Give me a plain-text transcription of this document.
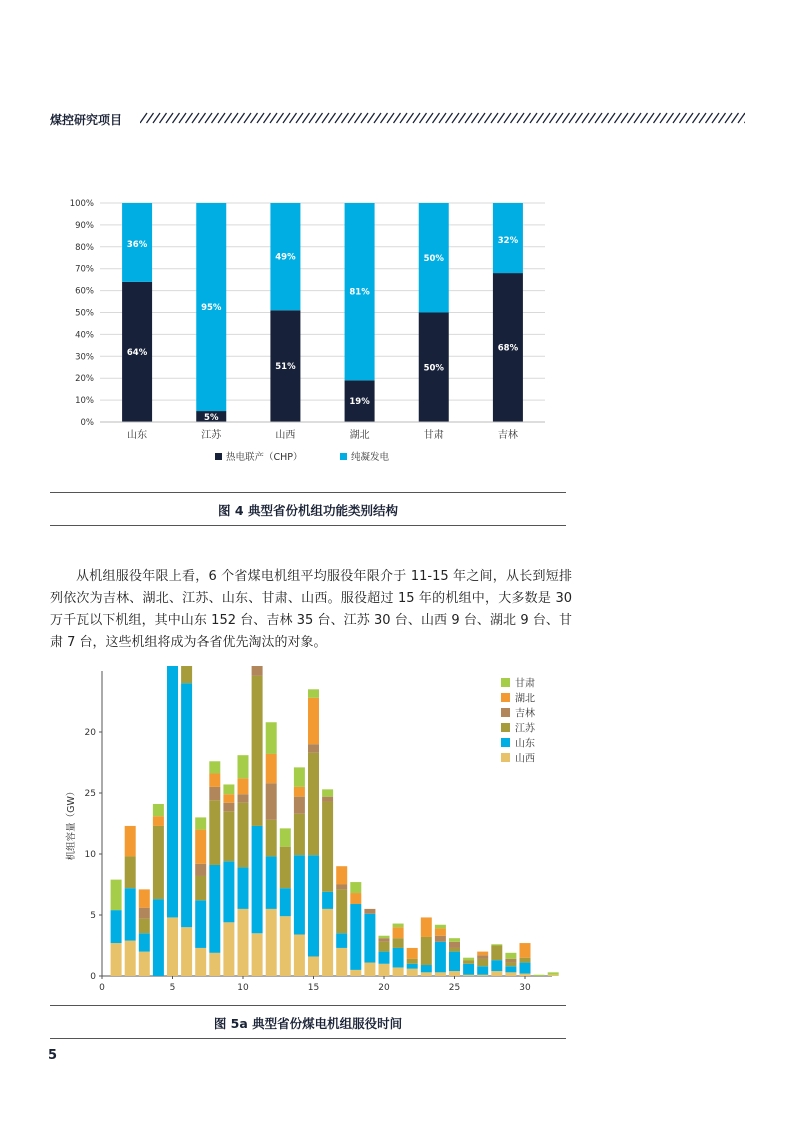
煤控研究项目
0%
10%
20%
30%
40%
50%
60%
70%
80%
90%
100%
64%
36%
5%
95%
51%
49%
19%
81%
50%
50%
68%
32%
山东	江苏	山西	湖北	甘肃	吉林
热电联产（CHP）	纯凝发电
图 4 典型省份机组功能类别结构
从机组服役年限上看，6 个省煤电机组平均服役年限介于 11-15 年之间，从长到短排列依次为吉林、湖北、江苏、山东、甘肃、山西。服役超过 15 年的机组中，大多数是 30 万千瓦以下机组，其中山东 152 台、吉林 35 台、江苏 30 台、山西 9 台、湖北 9 台、甘肃 7 台，这些机组将成为各省优先淘汰的对象。
0	5	10	15	20	25	30
0
5
10
25
20
机组容量（GW）
甘肃
湖北
吉林
江苏
山东
山西
图 5a 典型省份煤电机组服役时间
5
